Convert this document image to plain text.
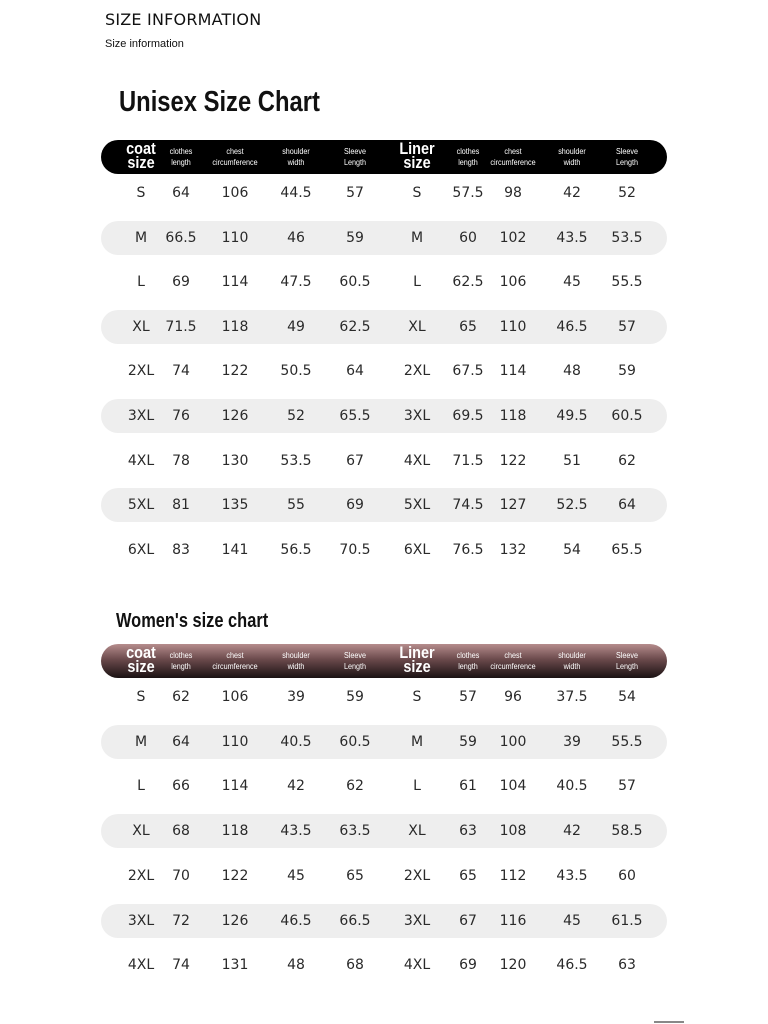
SIZE INFORMATION
Size information
Unisex Size Chart
coat
size
clothes
length
chest
circumference
shoulder
width
Sleeve
Length
Liner
size
clothes
length
chest
circumference
shoulder
width
Sleeve
Length
S 64 106 44.5 57	S 57.5 98	42	52
M 66.5 110	46	59	M	60 102 43.5 53.5
L 69 114 47.5 60.5	L 62.5 106	45 55.5
XL 71.5 118	49 62.5	XL 65 110 46.5 57
2XL 74 122 50.5 64	2XL 67.5 114	48	59
3XL 76 126	52 65.5 3XL 69.5 118 49.5 60.5
4XL 78 130 53.5 67	4XL 71.5 122	51	62
5XL 81 135	55	69	5XL 74.5 127 52.5 64
6XL 83 141 56.5 70.5 6XL 76.5 132	54 65.5
Women's size chart
coat
size
clothes
length
chest
circumference
shoulder
width
Sleeve
Length
Liner
size
clothes
length
chest
circumference
shoulder
width
Sleeve
Length
S 62 106	39	59	S	57 96 37.5 54
M 64 110 40.5 60.5	M	59 100	39 55.5
L 66 114	42	62	L	61 104 40.5 57
XL 68 118 43.5 63.5	XL 63 108	42 58.5
2XL 70 122	45	65	2XL 65 112 43.5 60
3XL 72 126 46.5 66.5 3XL 67 116	45 61.5
4XL 74 131	48	68	4XL 69 120 46.5 63
